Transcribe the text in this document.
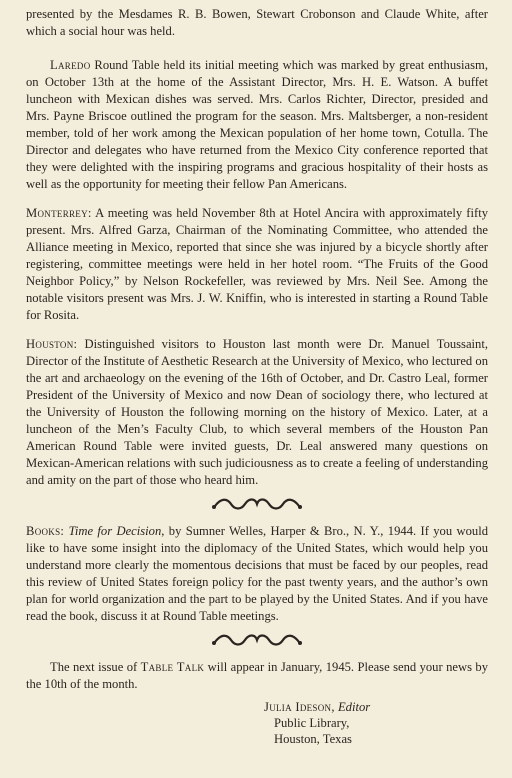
presented by the Mesdames R. B. Bowen, Stewart Crobonson and Claude White, after which a social hour was held.

Laredo Round Table held its initial meeting which was marked by great enthusiasm, on October 13th at the home of the Assistant Director, Mrs. H. E. Watson. A buffet luncheon with Mexican dishes was served. Mrs. Carlos Richter, Director, presided and Mrs. Payne Briscoe outlined the program for the season. Mrs. Maltsberger, a non-resident member, told of her work among the Mexican population of her home town, Cotulla. The Director and delegates who have returned from the Mexico City conference reported that they were delighted with the inspiring programs and gracious hospitality of their hosts as well as the opportunity for meeting their fellow Pan Americans.

Monterrey: A meeting was held November 8th at Hotel Ancira with approximately fifty present. Mrs. Alfred Garza, Chairman of the Nominating Committee, who attended the Alliance meeting in Mexico, reported that since she was injured by a bicycle shortly after registering, committee meetings were held in her hotel room. “The Fruits of the Good Neighbor Policy,” by Nelson Rockefeller, was reviewed by Mrs. Neil See. Among the notable visitors present was Mrs. J. W. Kniffin, who is interested in starting a Round Table for Rosita.

Houston: Distinguished visitors to Houston last month were Dr. Manuel Toussaint, Director of the Institute of Aesthetic Research at the University of Mexico, who lectured on the art and archaeology on the evening of the 16th of October, and Dr. Castro Leal, former President of the University of Mexico and now Dean of sociology there, who lectured at the University of Houston the following morning on the history of Mexico. Later, at a luncheon of the Men’s Faculty Club, to which several members of the Houston Pan American Round Table were invited guests, Dr. Leal answered many questions on Mexican-American relations with such judiciousness as to create a feeling of understanding and amity on the part of those who heard him.

Books: Time for Decision, by Sumner Welles, Harper & Bro., N. Y., 1944. If you would like to have some insight into the diplomacy of the United States, which would help you understand more clearly the momentous decisions that must be faced by our peoples, read this review of United States foreign policy for the past twenty years, and the author’s own plan for world organization and the part to be played by the United States. And if you have read the book, discuss it at Round Table meetings.

The next issue of Table Talk will appear in January, 1945. Please send your news by the 10th of the month.

Julia Ideson, Editor
Public Library,
Houston, Texas
